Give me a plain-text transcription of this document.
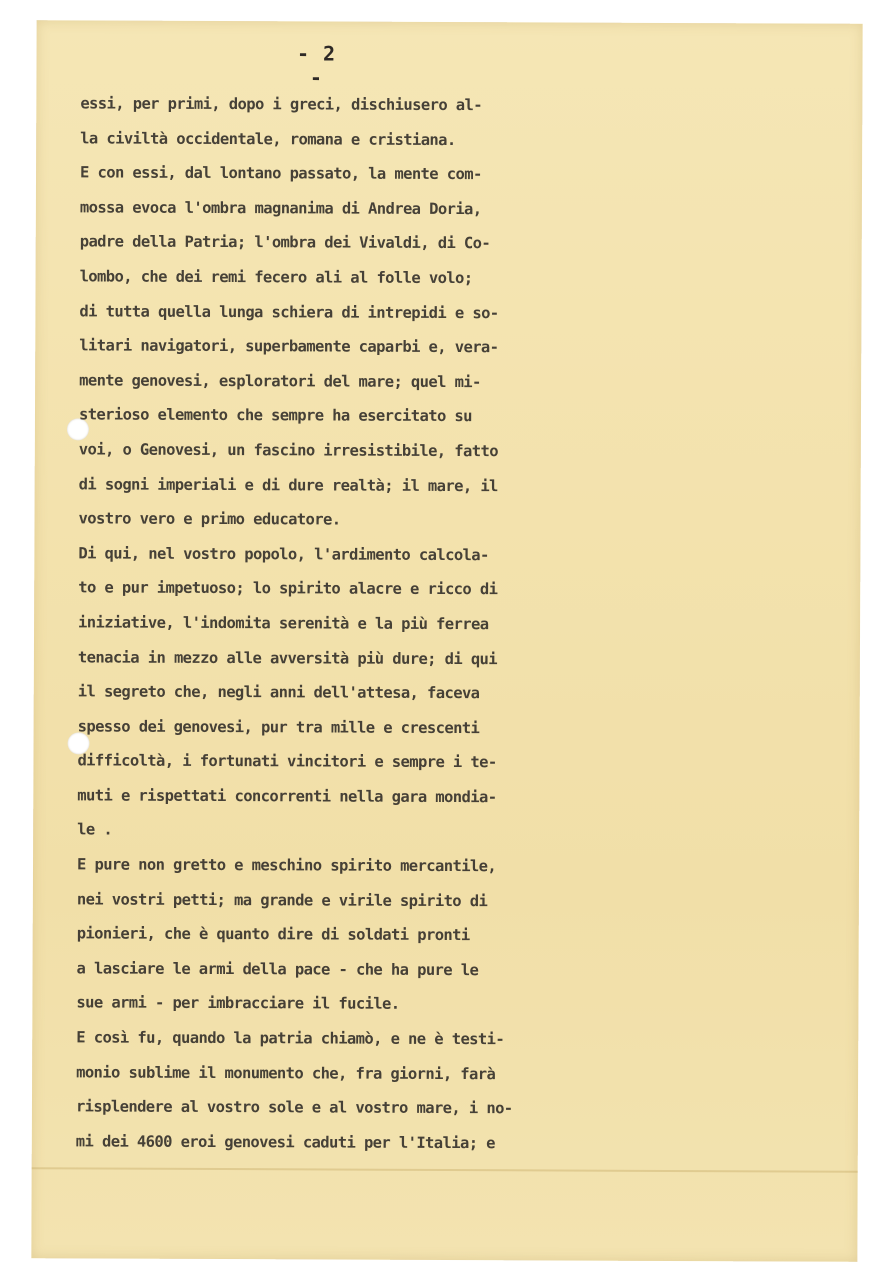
- 2 -
essi, per primi, dopo i greci, dischiusero al-
la civiltà occidentale, romana e cristiana.
E con essi, dal lontano passato, la mente com-
mossa evoca l'ombra magnanima di Andrea Doria,
padre della Patria; l'ombra dei Vivaldi, di Co-
lombo, che dei remi fecero ali al folle volo;
di tutta quella lunga schiera di intrepidi e so-
litari navigatori, superbamente caparbi e, vera-
mente genovesi, esploratori del mare; quel mi-
sterioso elemento che sempre ha esercitato su
voi, o Genovesi, un fascino irresistibile, fatto
di sogni imperiali e di dure realtà; il mare, il
vostro vero e primo educatore.
Di qui, nel vostro popolo, l'ardimento calcola-
to e pur impetuoso; lo spirito alacre e ricco di
iniziative, l'indomita serenità e la più ferrea
tenacia in mezzo alle avversità più dure; di qui
il segreto che, negli anni dell'attesa, faceva
spesso dei genovesi, pur tra mille e crescenti
difficoltà, i fortunati vincitori e sempre i te-
muti e rispettati concorrenti nella gara mondia-
le .
E pure non gretto e meschino spirito mercantile,
nei vostri petti; ma grande e virile spirito di
pionieri, che è quanto dire di soldati pronti
a lasciare le armi della pace - che ha pure le
sue armi - per imbracciare il fucile.
E così fu, quando la patria chiamò, e ne è testi-
monio sublime il monumento che, fra giorni, farà
risplendere al vostro sole e al vostro mare, i no-
mi dei 4600 eroi genovesi caduti per l'Italia; e
